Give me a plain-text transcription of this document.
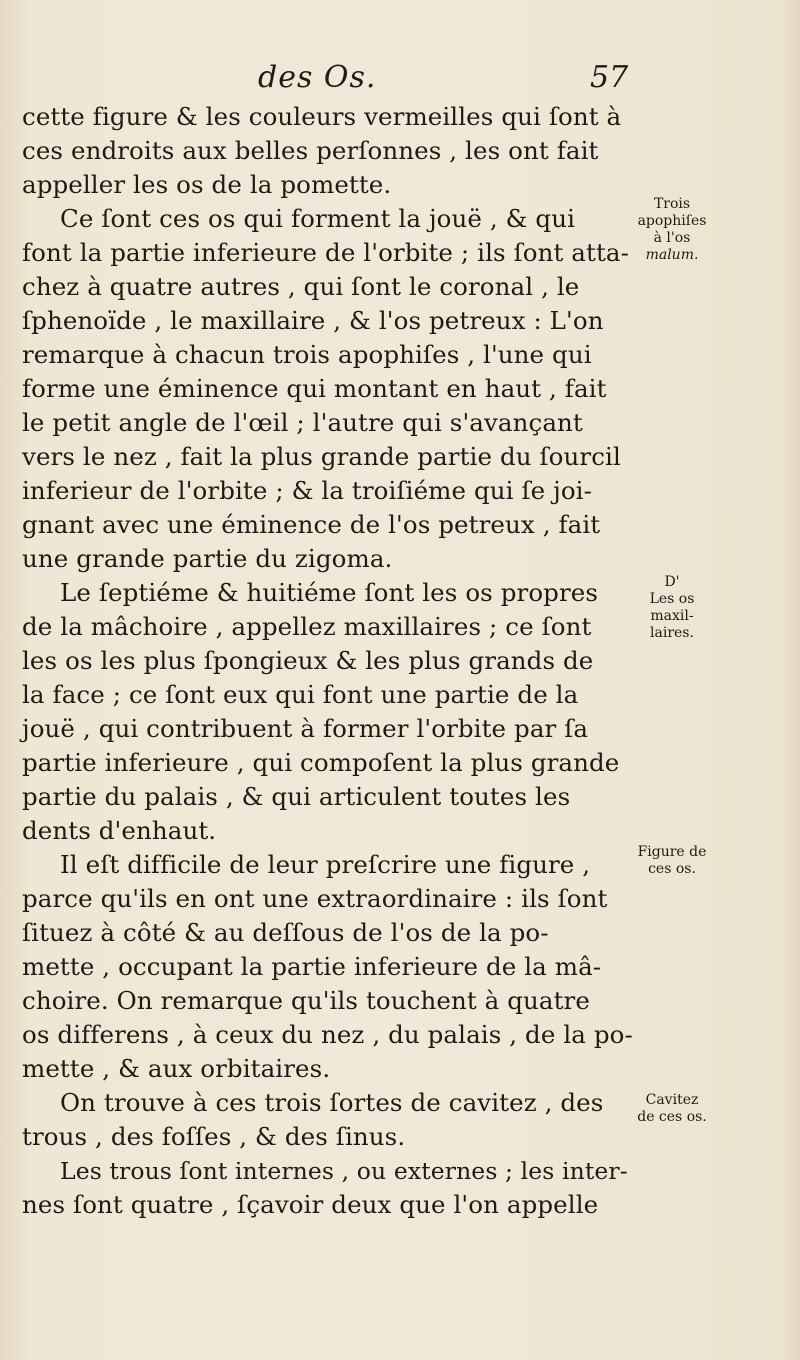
des Os.	57
cette figure & les couleurs vermeilles qui ſont à
ces endroits aux belles perſonnes , les ont fait
appeller les os de la pomette.
Ce ſont ces os qui forment la jouë , & qui
font la partie inferieure de l'orbite ; ils ſont atta-
chez à quatre autres , qui ſont le coronal , le
ſphenoïde , le maxillaire , & l'os petreux : L'on
remarque à chacun trois apophiſes , l'une qui
forme une éminence qui montant en haut , fait
le petit angle de l'œil ; l'autre qui s'avançant
vers le nez , fait la plus grande partie du ſourcil
inferieur de l'orbite ; & la troiſiéme qui ſe joi-
gnant avec une éminence de l'os petreux , fait
une grande partie du zigoma.
Le ſeptiéme & huitiéme ſont les os propres
de la mâchoire , appellez maxillaires ; ce ſont
les os les plus ſpongieux & les plus grands de
la face ; ce ſont eux qui font une partie de la
jouë , qui contribuent à former l'orbite par ſa
partie inferieure , qui compoſent la plus grande
partie du palais , & qui articulent toutes les
dents d'enhaut.
Il eſt difficile de leur preſcrire une figure ,
parce qu'ils en ont une extraordinaire : ils ſont
ſituez à côté & au deſſous de l'os de la po-
mette , occupant la partie inferieure de la mâ-
choire. On remarque qu'ils touchent à quatre
os differens , à ceux du nez , du palais , de la po-
mette , & aux orbitaires.
On trouve à ces trois ſortes de cavitez , des
trous , des foſſes , & des ſinus.
Les trous ſont internes , ou externes ; les inter-
nes ſont quatre , ſçavoir deux que l'on appelle
Trois
apophiſes
à l'os
malum.
D'
Les os
maxil-
laires.
Figure de
ces os.
Cavitez
de ces os.
